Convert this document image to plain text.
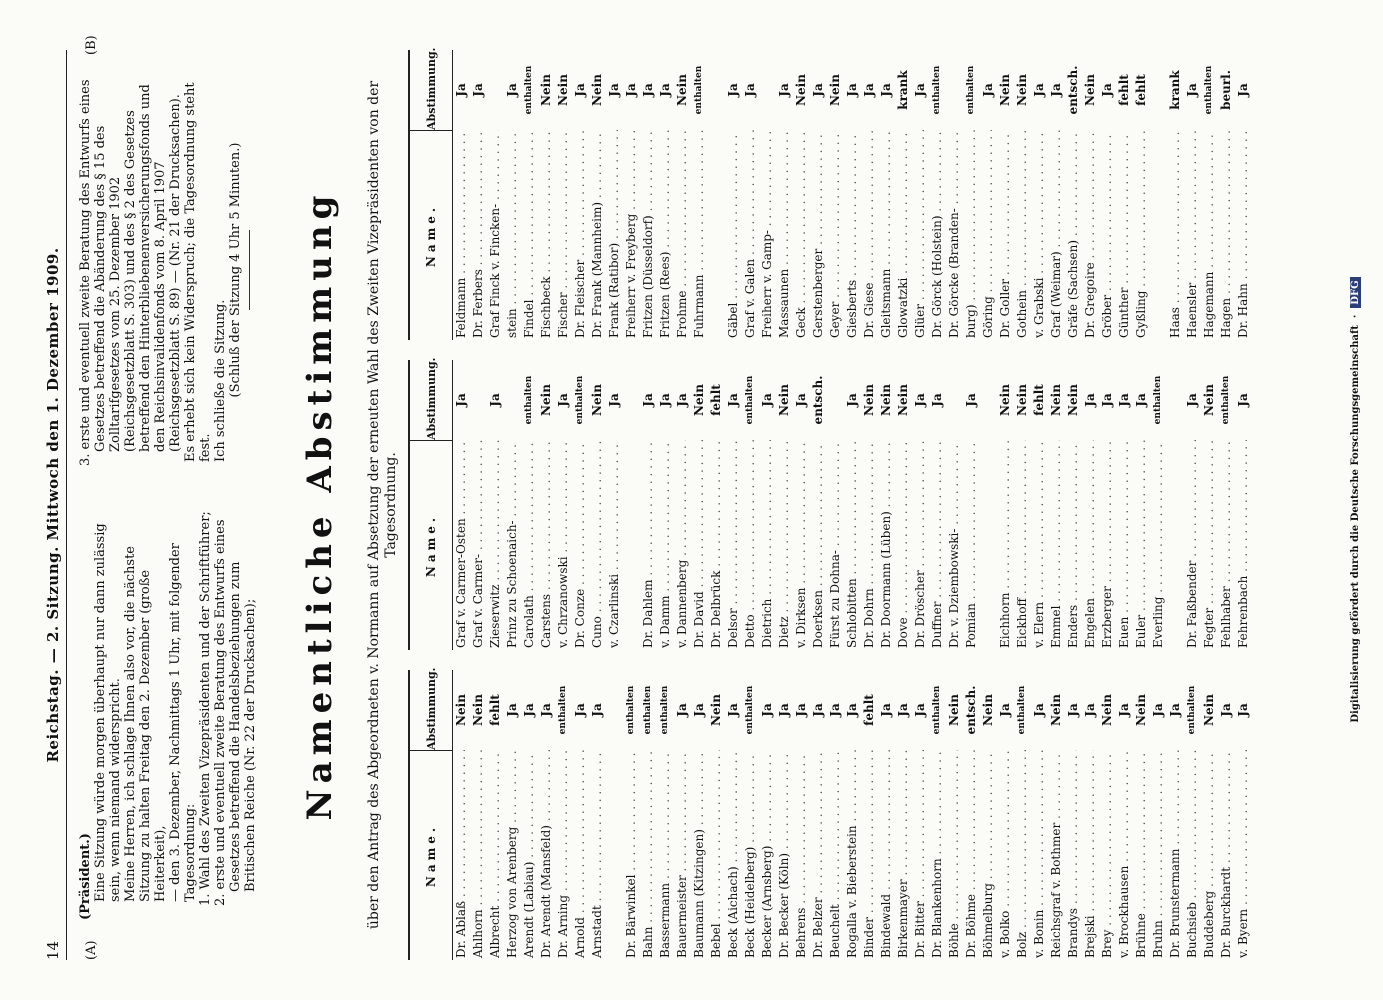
14
Reichstag. — 2. Sitzung. Mittwoch den 1. Dezember 1909.
(A)
(B)

(Präsident.) Eine Sitzung würde morgen überhaupt nur dann zulässig sein, wenn niemand widerspricht. Meine Herren, ich schlage Ihnen also vor, die nächste Sitzung zu halten Freitag den 2. Dezember (große Heiterkeit), — den 3. Dezember, Nachmittags 1 Uhr, mit folgender Tagesordnung: 1. Wahl des Zweiten Vizepräsidenten und der Schriftführer; 2. erste und eventuell zweite Beratung des Entwurfs eines Gesetzes betreffend die Handelsbeziehungen zum Britischen Reiche (Nr. 22 der Drucksachen);

3. erste und eventuell zweite Beratung des Entwurfs eines Gesetzes betreffend die Abänderung des § 15 des Zolltarifgesetzes vom 25. Dezember 1902 (Reichsgesetzblatt S. 303) und des § 2 des Gesetzes betreffend den Hinterbliebenenversicherungsfonds und den Reichsinvalidenfonds vom 8. April 1907 (Reichsgesetzblatt S. 89) — (Nr. 21 der Drucksachen). Es erhebt sich kein Widerspruch; die Tagesordnung steht fest. Ich schließe die Sitzung. (Schluß der Sitzung 4 Uhr 5 Minuten.) Namentliche Abstimmung über den Antrag des Abgeordneten v. Normann auf Absetzung der erneuten Wahl des Zweiten Vizepräsidenten von der Tagesordnung.
Name.
Abstimmung.
Dr. Ablaß . . .
Nein
Ahlhorn . . .
Nein
Albrecht . . .
fehlt
Herzog von Arenberg . . .
Ja
Arendt (Labiau) . . .
Ja
Dr. Arendt (Mansfeld) . . .
Ja
Dr. Arning . . .
enthalten
Arnold . . .
Ja
Arnstadt . . .
Ja
Dr. Bärwinkel . . .
enthalten
Bahn . . .
enthalten
Bassermann . . .
enthalten
Bauermeister . . .
Ja
Baumann (Kitzingen) . . .
Ja
Bebel . . .
Nein
Beck (Aichach) . . .
Ja
Beck (Heidelberg) . . .
enthalten
Becker (Arnsberg) . . .
Ja
Dr. Becker (Köln) . . .
Ja
Behrens . . .
Ja
Dr. Belzer . . .
Ja
Beuchelt . . .
Ja
Rogalla v. Bieberstein . . .
Ja
Binder . . .
fehlt
Bindewald . . .
Ja
Birkenmayer . . .
Ja
Dr. Bitter . . .
Ja
Dr. Blankenhorn . . .
enthalten
Böhle . . .
Nein
Dr. Böhme . . .
entsch.
Böhmelburg . . .
Nein
v. Bolko . . .
Ja
Bolz . . .
enthalten
v. Bonin . . .
Ja
Reichsgraf v. Bothmer . . .
Nein
Brandys . . .
Ja
Brejski . . .
Ja
Brey . . .
Nein
v. Brockhausen . . .
Ja
Brühne . . .
Nein
Bruhn . . .
Ja
Dr. Brunstermann . . .
Ja
Buchsieb . . .
enthalten
Buddeberg . . .
Nein
Dr. Burckhardt . . .
Ja
v. Byern . . .
Ja
Name.
Abstimmung.
Graf v. Carmer-Osten . . .
Ja
Graf v. Carmer- . . . Zieserwitz . . .
Ja
Prinz zu Schoenaich- . . . Carolath . . .
enthalten
Carstens . . .
Nein
v. Chrzanowski . . .
Ja
Dr. Conze . . .
enthalten
Cuno . . .
Nein
v. Czarlinski . . .
Ja
Dr. Dahlem . . .
Ja
v. Damm . . .
Ja
v. Dannenberg . . .
Ja
Dr. David . . .
Nein
Dr. Delbrück . . .
fehlt
Delsor . . .
Ja
Detto . . .
enthalten
Dietrich . . .
Ja
Dietz . . .
Nein
v. Dirksen . . .
Ja
Doerksen . . .
entsch.
Fürst zu Dohna- . . . Schlobitten . . .
Ja
Dr. Dohrn . . .
Nein
Dr. Doormann (Lüben) . . .
Nein
Dove . . .
Nein
Dr. Dröscher . . .
Ja
Duffner . . .
Ja
Dr. v. Dziembowski- . . . Pomian . . .
Ja
Eichhorn . . .
Nein
Eickhoff . . .
Nein
v. Elern . . .
fehlt
Emmel . . .
Nein
Enders . . .
Nein
Engelen . . .
Ja
Erzberger . . .
Ja
Euen . . .
Ja
Euler . . .
Ja
Everling . . .
enthalten
Dr. Faßbender . . .
Ja
Fegter . . .
Nein
Fehlhaber . . .
enthalten
Fehrenbach . . .
Ja
Name.
Abstimmung.
Feldmann . . .
Ja
Dr. Ferbers . . .
Ja
Graf Finck v. Fincken- . . . stein . . .
Ja
Findel . . .
enthalten
Fischbeck . . .
Nein
Fischer . . .
Nein
Dr. Fleischer . . .
Ja
Dr. Frank (Mannheim) . . .
Nein
Frank (Ratibor) . . .
Ja
Freiherr v. Freyberg . . .
Ja
Fritzen (Düsseldorf) . . .
Ja
Fritzen (Rees) . . .
Ja
Frohme . . .
Nein
Fuhrmann . . .
enthalten
Gäbel . . .
Ja
Graf v. Galen . . .
Ja
Freiherr v. Gamp- . . . Massaunen . . .
Ja
Geck . . .
Nein
Gerstenberger . . .
Ja
Geyer . . .
Nein
Giesberts . . .
Ja
Dr. Giese . . .
Ja
Gleitsmann . . .
Ja
Glowatzki . . .
krank
Glüer . . .
Ja
Dr. Görck (Holstein) . . .
enthalten
Dr. Görcke (Branden- . . . burg) . . .
enthalten
Göring . . .
Ja
Dr. Goller . . .
Nein
Gothein . . .
Nein
v. Grabski . . .
Ja
Graf (Weimar) . . .
Ja
Gräfe (Sachsen) . . .
entsch.
Dr. Gregoire . . .
Nein
Gröber . . .
Ja
Günther . . .
fehlt
Gyßling . . .
fehlt
Haas . . .
krank
Haensler . . .
Ja
Hagemann . . .
enthalten
Hagen . . .
beurl.
Dr. Hahn . . .
Ja
Digitalisierung gefördert durch die Deutsche Forschungsgemeinschaft  ·  DFG
